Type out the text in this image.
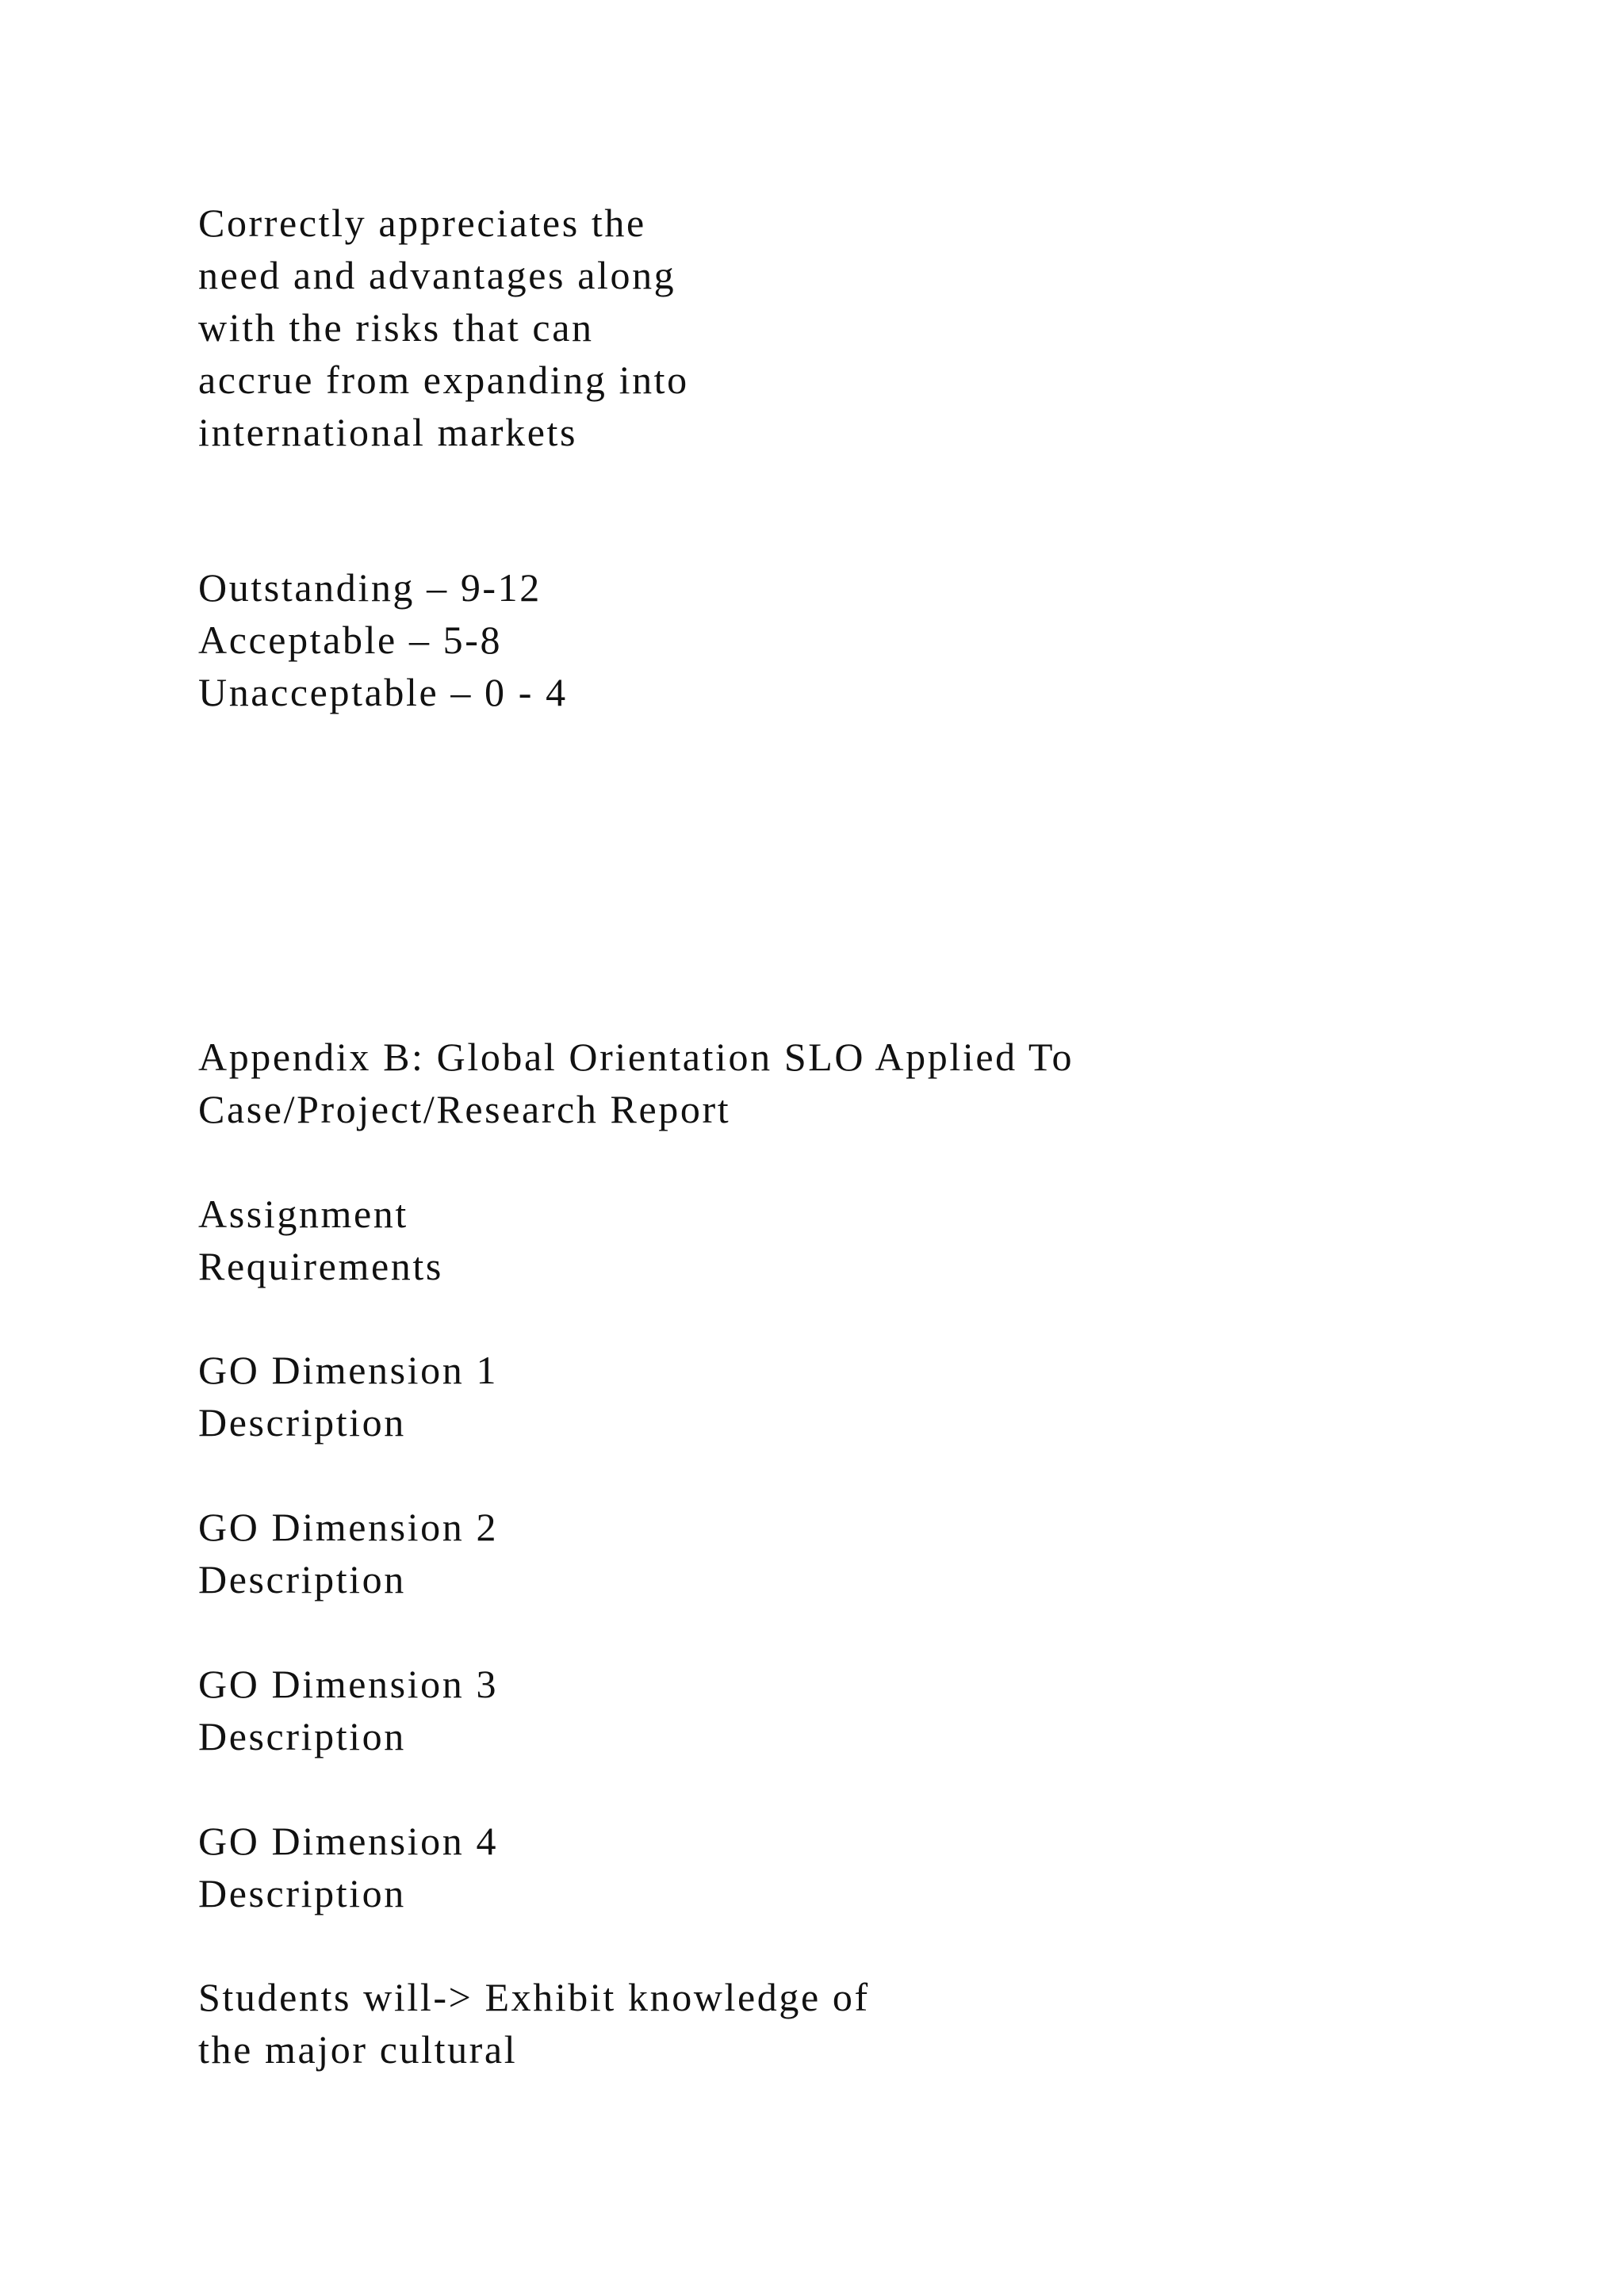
Correctly appreciates the
need and advantages along
with the risks that can
accrue from expanding into
international markets
Outstanding – 9-12
Acceptable – 5-8
Unacceptable – 0 - 4
Appendix B: Global Orientation SLO Applied To
Case/Project/Research Report
Assignment
Requirements
GO Dimension 1
Description
GO Dimension 2
Description
GO Dimension 3
Description
GO Dimension 4
Description
Students will-> Exhibit knowledge of
the major cultural
